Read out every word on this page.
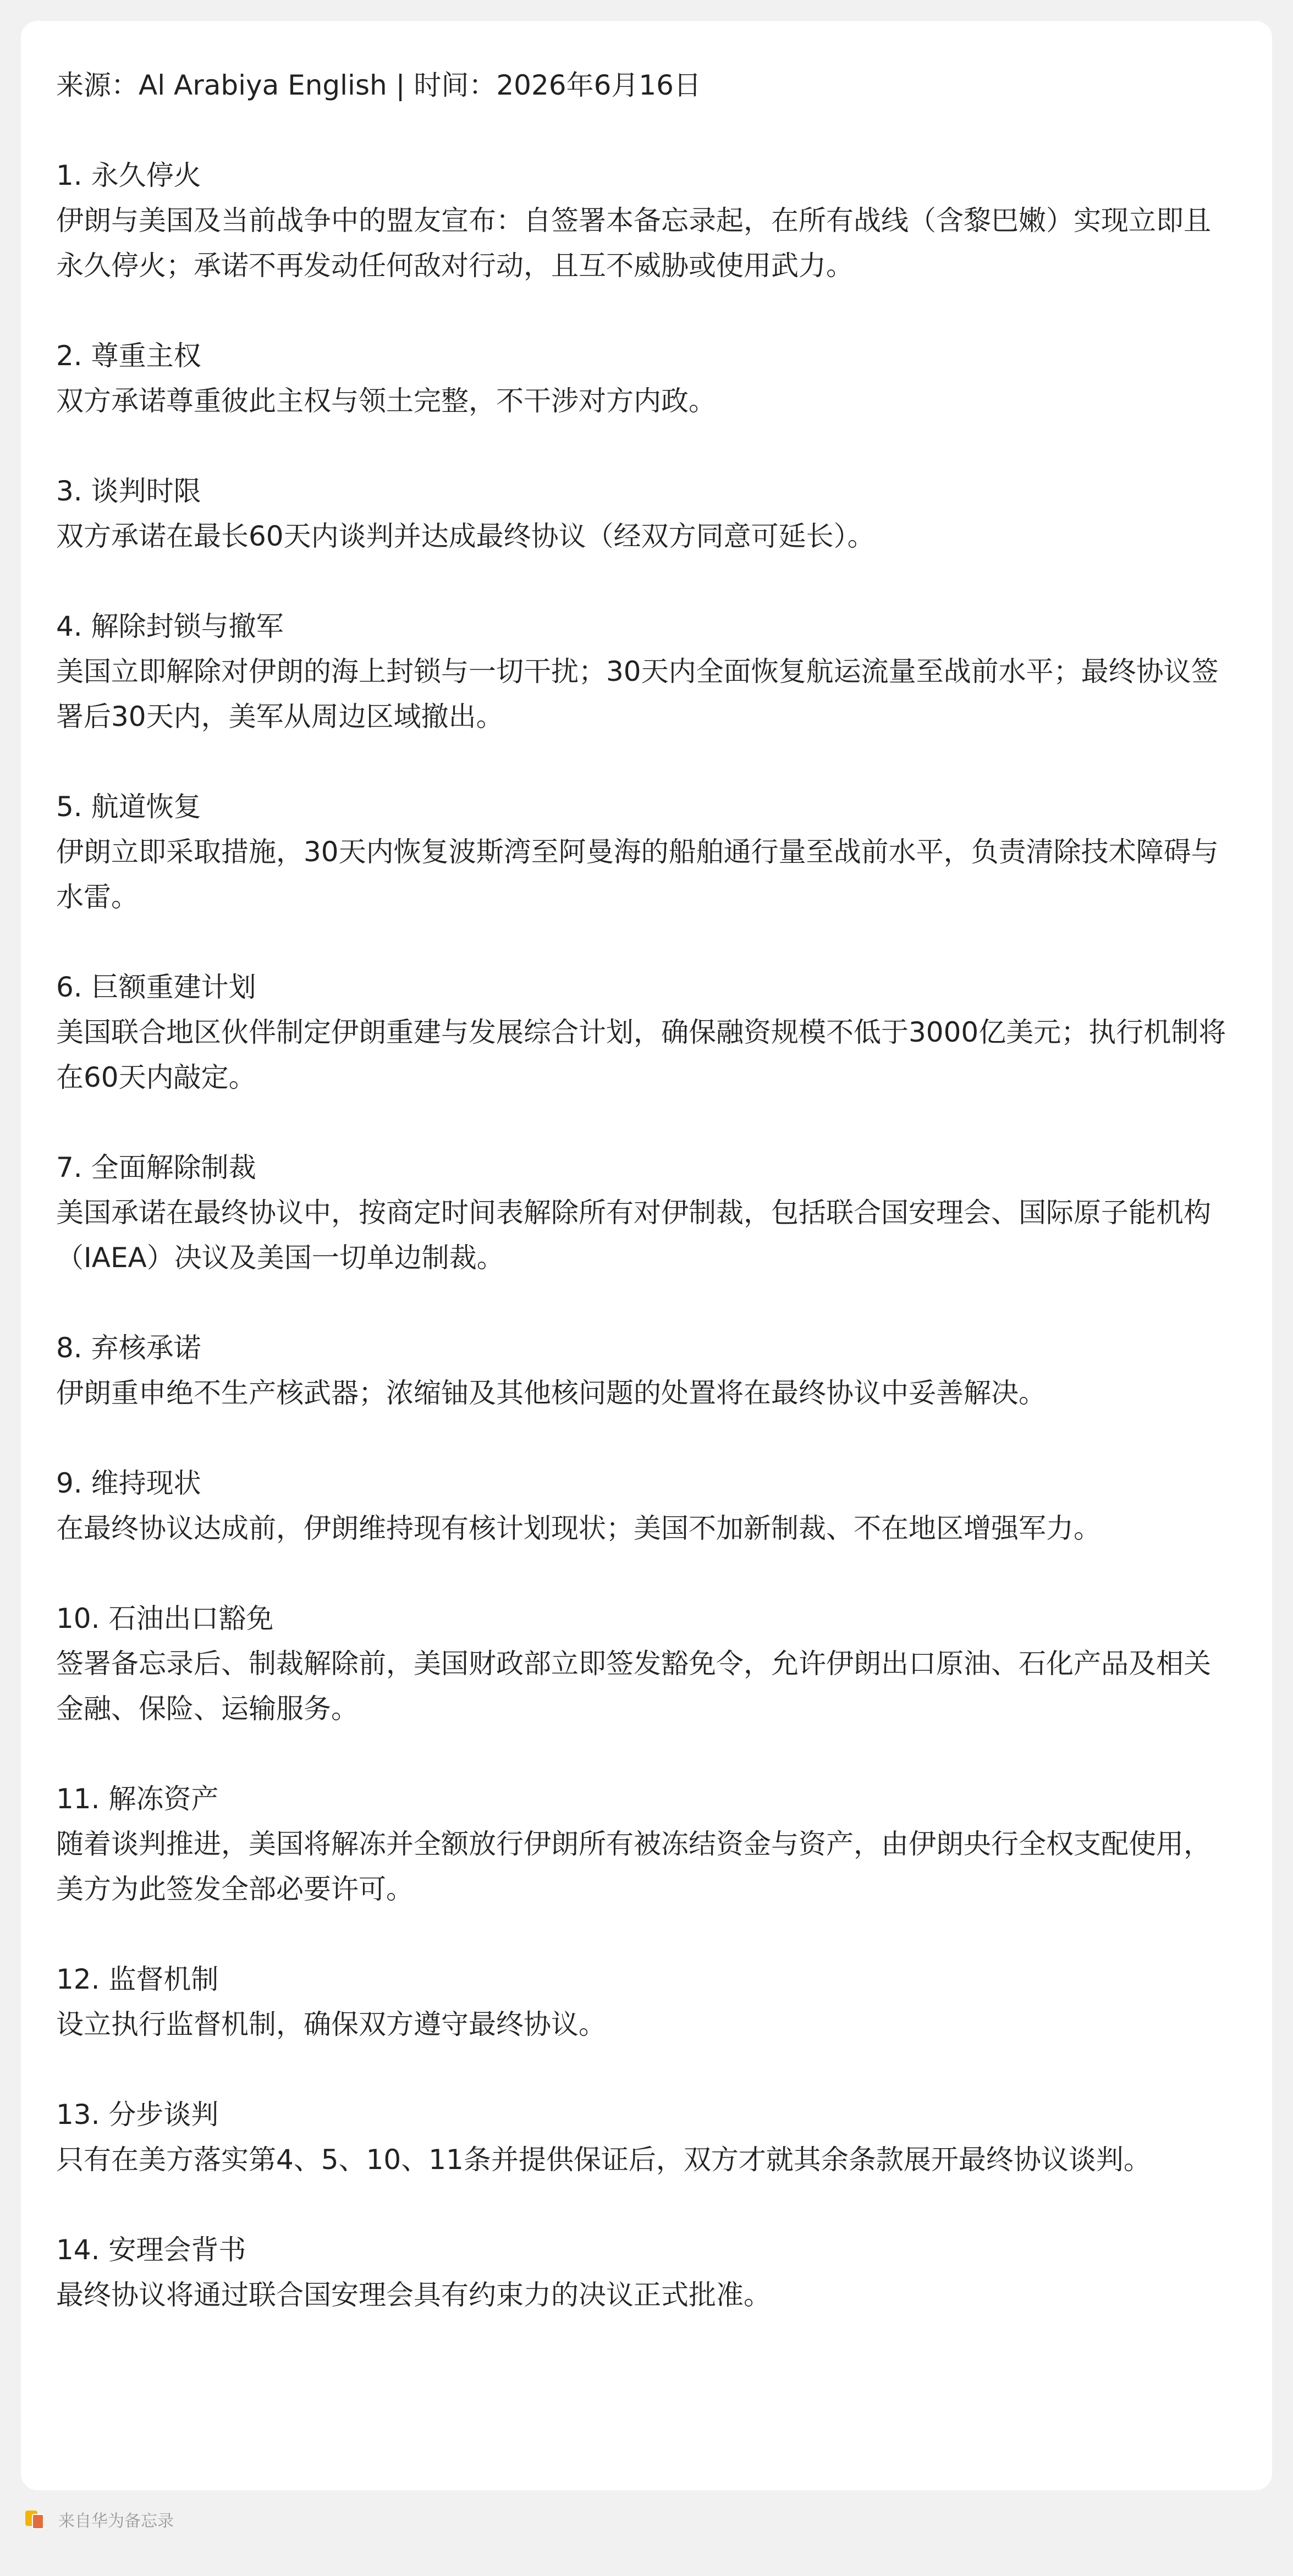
来源：Al Arabiya English | 时间：2026年6月16日

1. 永久停火

伊朗与美国及当前战争中的盟友宣布：自签署本备忘录起，在所有战线（含黎巴嫩）实现立即且永久停火；承诺不再发动任何敌对行动，且互不威胁或使用武力。

2. 尊重主权

双方承诺尊重彼此主权与领土完整，不干涉对方内政。

3. 谈判时限

双方承诺在最长60天内谈判并达成最终协议（经双方同意可延长）。

4. 解除封锁与撤军

美国立即解除对伊朗的海上封锁与一切干扰；30天内全面恢复航运流量至战前水平；最终协议签署后30天内，美军从周边区域撤出。

5. 航道恢复

伊朗立即采取措施，30天内恢复波斯湾至阿曼海的船舶通行量至战前水平，负责清除技术障碍与水雷。

6. 巨额重建计划

美国联合地区伙伴制定伊朗重建与发展综合计划，确保融资规模不低于3000亿美元；执行机制将在60天内敲定。

7. 全面解除制裁

美国承诺在最终协议中，按商定时间表解除所有对伊制裁，包括联合国安理会、国际原子能机构（IAEA）决议及美国一切单边制裁。

8. 弃核承诺

伊朗重申绝不生产核武器；浓缩铀及其他核问题的处置将在最终协议中妥善解决。

9. 维持现状

在最终协议达成前，伊朗维持现有核计划现状；美国不加新制裁、不在地区增强军力。

10. 石油出口豁免

签署备忘录后、制裁解除前，美国财政部立即签发豁免令，允许伊朗出口原油、石化产品及相关金融、保险、运输服务。

11. 解冻资产

随着谈判推进，美国将解冻并全额放行伊朗所有被冻结资金与资产，由伊朗央行全权支配使用，美方为此签发全部必要许可。

12. 监督机制

设立执行监督机制，确保双方遵守最终协议。

13. 分步谈判

只有在美方落实第4、5、10、11条并提供保证后，双方才就其余条款展开最终协议谈判。

14. 安理会背书

最终协议将通过联合国安理会具有约束力的决议正式批准。

来自华为备忘录
